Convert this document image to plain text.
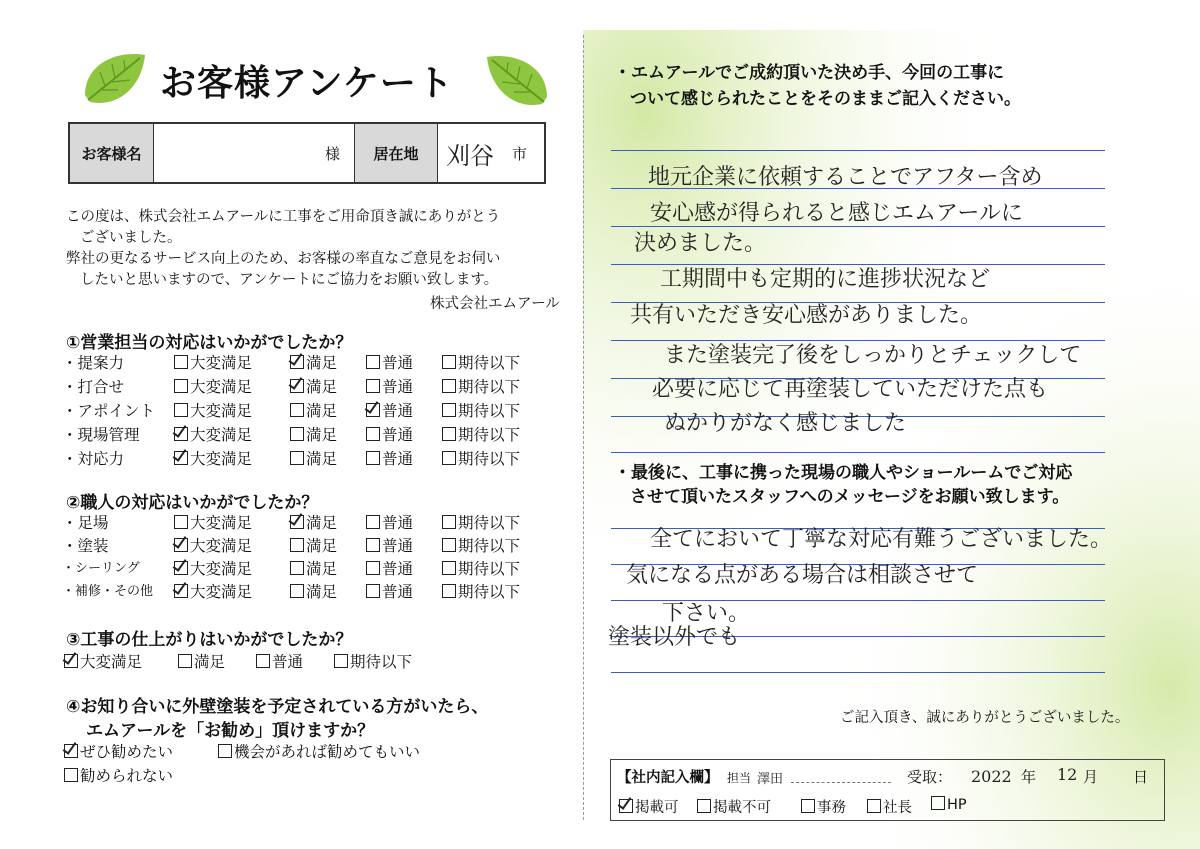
お客様アンケート
お客様名	様	居在地	刈谷 市
この度は、株式会社エムアールに工事をご用命頂き誠にありがとう
ございました。
弊社の更なるサービス向上のため、お客様の率直なご意見をお伺い
したいと思いますので、アンケートにご協力をお願い致します。
株式会社エムアール
①営業担当の対応はいかがでしたか？
・提案力	大変満足	満足	普通	期待以下
・打合せ	大変満足	満足	普通	期待以下
・アポイント	大変満足	満足	普通	期待以下
・現場管理	大変満足	満足	普通	期待以下
・対応力	大変満足	満足	普通	期待以下
②職人の対応はいかがでしたか？
・足場	大変満足	満足	普通	期待以下
・塗装	大変満足	満足	普通	期待以下
・シーリング	大変満足	満足	普通	期待以下
・補修・その他	大変満足	満足	普通	期待以下
③工事の仕上がりはいかがでしたか？
大変満足	満足	普通	期待以下
④お知り合いに外壁塗装を予定されている方がいたら、
エムアールを「お勧め」頂けますか？
ぜひ勧めたい	機会があれば勧めてもいい
勧められない
・エムアールでご成約頂いた決め手、今回の工事に
ついて感じられたことをそのままご記入ください。
地元企業に依頼することでアフター含め
安心感が得られると感じエムアールに
決めました。
工期間中も定期的に進捗状況など
共有いただき安心感がありました。
また塗装完了後をしっかりとチェックして
必要に応じて再塗装していただけた点も
ぬかりがなく感じました
・最後に、工事に携った現場の職人やショールームでご対応
させて頂いたスタッフへのメッセージをお願い致します。
全てにおいて丁寧な対応有難うございました。
気になる点がある場合は相談させて
下さい。
塗装以外でも
ご記入頂き、誠にありがとうございました。
【社内記入欄】 担当 澤田	受取： 2022 年 12 月 日
掲載可	掲載不可	事務	社長	HP
